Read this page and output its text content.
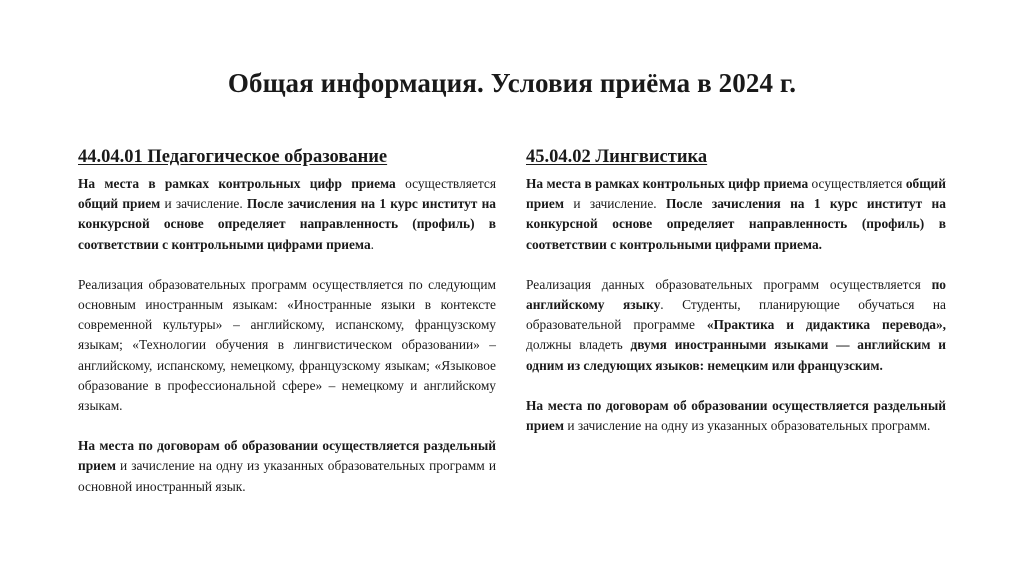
Общая информация. Условия приёма в 2024 г.
44.04.01 Педагогическое образование

На места в рамках контрольных цифр приема осуществляется общий прием и зачисление. После зачисления на 1 курс институт на конкурсной основе определяет направленность (профиль) в соответствии с контрольными цифрами приема.

Реализация образовательных программ осуществляется по следующим основным иностранным языкам: «Иностранные языки в контексте современной культуры» – английскому, испанскому, французскому языкам; «Технологии обучения в лингвистическом образовании» – английскому, испанскому, немецкому, французскому языкам; «Языковое образование в профессиональной сфере» – немецкому и английскому языкам.

На места по договорам об образовании осуществляется раздельный прием и зачисление на одну из указанных образовательных программ и основной иностранный язык.

45.04.02 Лингвистика

На места в рамках контрольных цифр приема осуществляется общий прием и зачисление. После зачисления на 1 курс институт на конкурсной основе определяет направленность (профиль) в соответствии с контрольными цифрами приема.

Реализация данных образовательных программ осуществляется по английскому языку. Студенты, планирующие обучаться на образовательной программе «Практика и дидактика перевода», должны владеть двумя иностранными языками — английским и одним из следующих языков: немецким или французским.

На места по договорам об образовании осуществляется раздельный прием и зачисление на одну из указанных образовательных программ.
